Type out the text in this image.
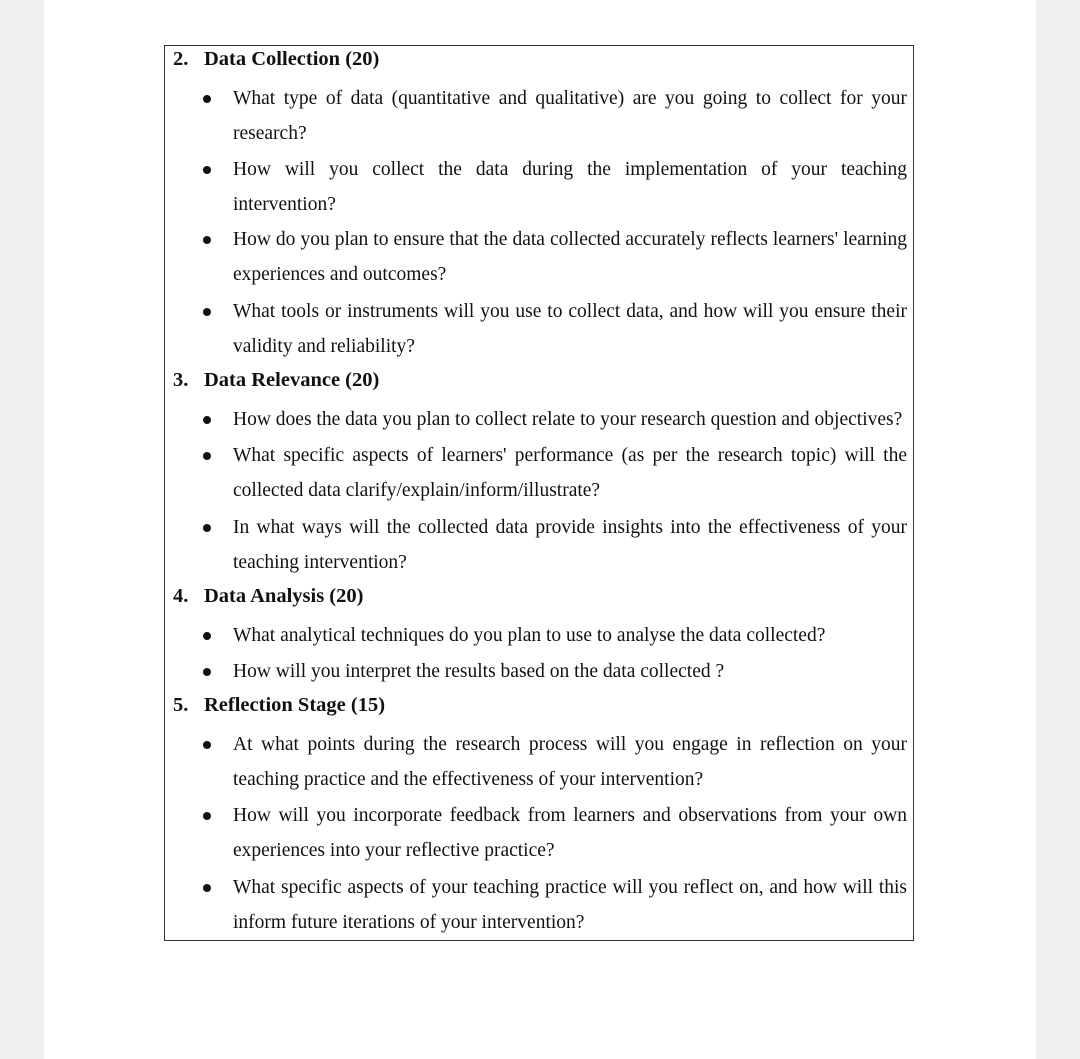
2. Data Collection (20)
What type of data (quantitative and qualitative) are you going to collect for your research?
How will you collect the data during the implementation of your teaching intervention?
How do you plan to ensure that the data collected accurately reflects learners' learning experiences and outcomes?
What tools or instruments will you use to collect data, and how will you ensure their validity and reliability?
3. Data Relevance (20)
How does the data you plan to collect relate to your research question and objectives?
What specific aspects of learners' performance (as per the research topic) will the collected data clarify/explain/inform/illustrate?
In what ways will the collected data provide insights into the effectiveness of your teaching intervention?
4. Data Analysis (20)
What analytical techniques do you plan to use to analyse the data collected?
How will you interpret the results based on the data collected ?
5. Reflection Stage (15)
At what points during the research process will you engage in reflection on your teaching practice and the effectiveness of your intervention?
How will you incorporate feedback from learners and observations from your own experiences into your reflective practice?
What specific aspects of your teaching practice will you reflect on, and how will this inform future iterations of your intervention?
